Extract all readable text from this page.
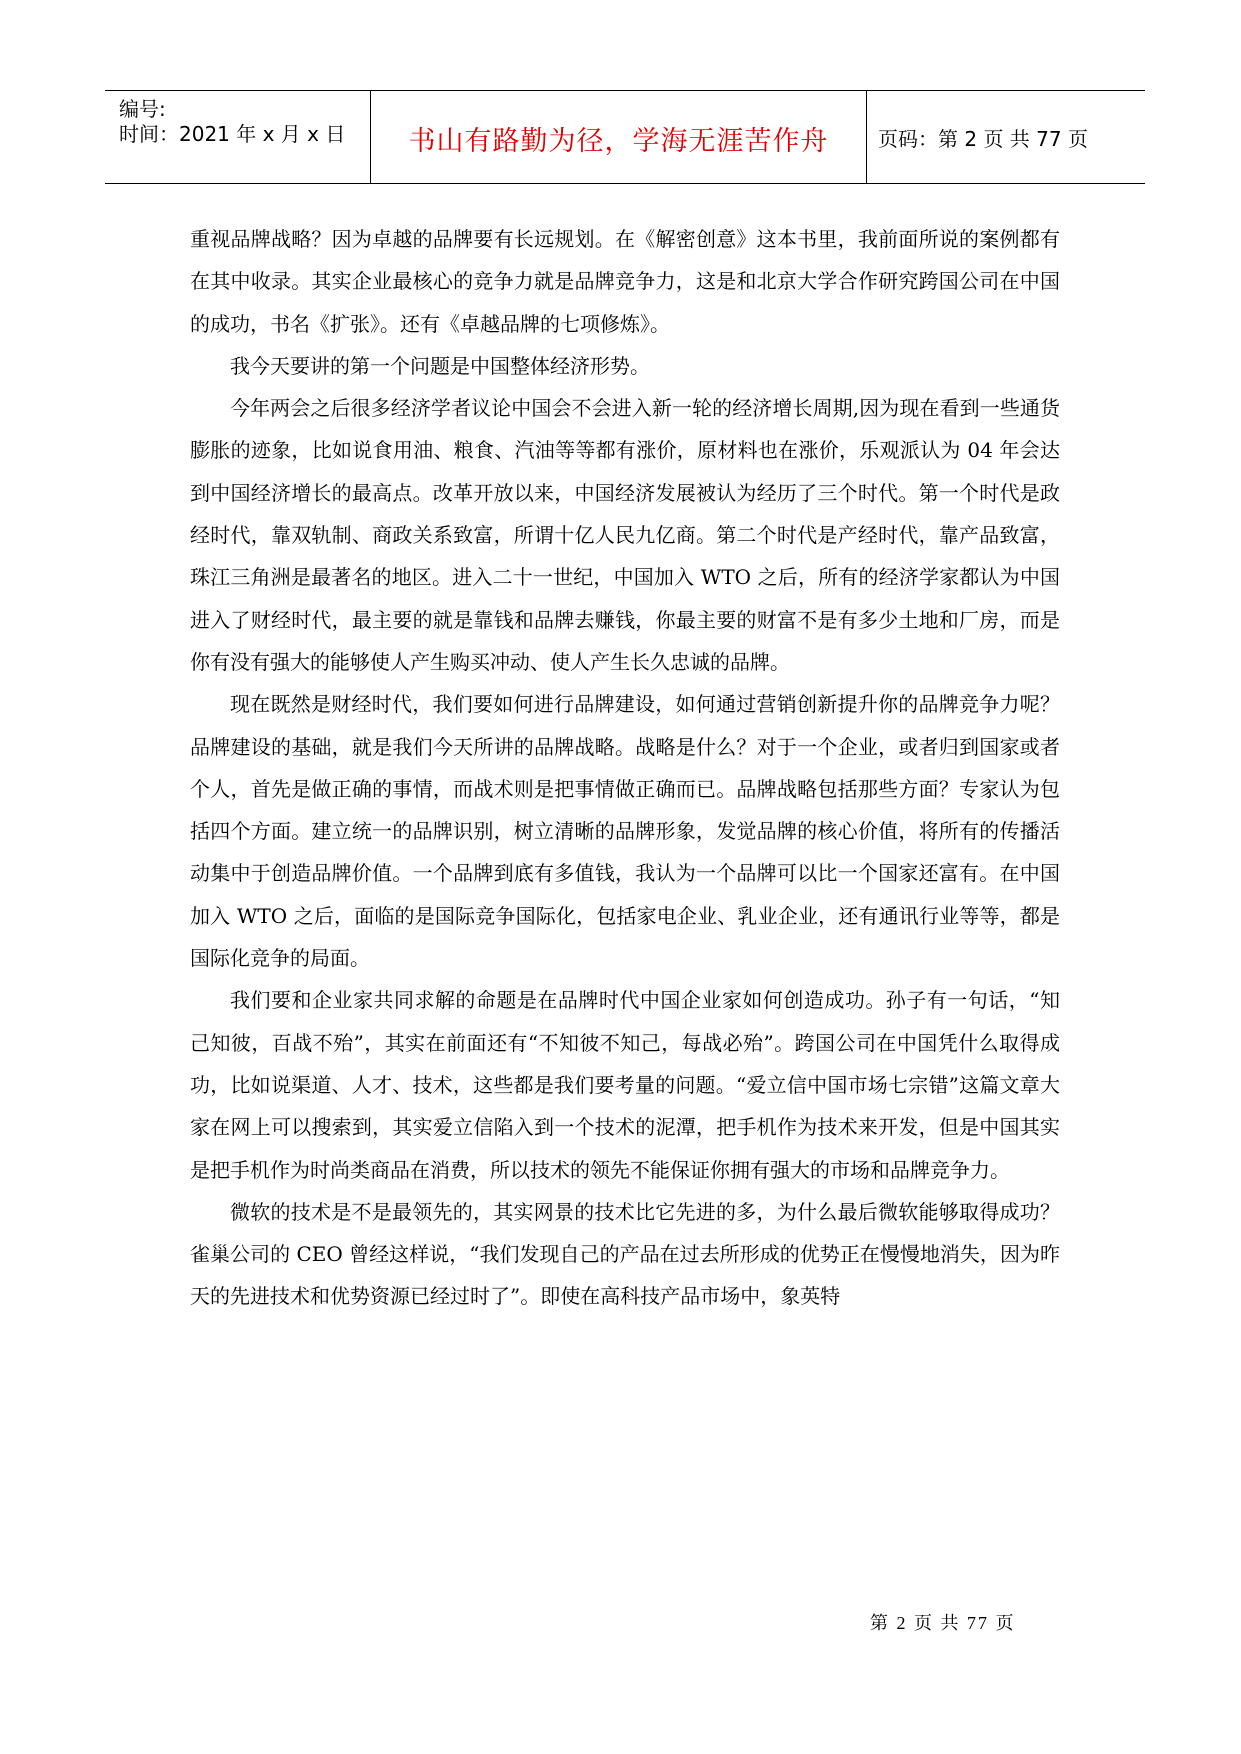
编号:
时间：2021 年 x 月 x 日	书山有路勤为径，学海无涯苦作舟	页码：第 2 页 共 77 页

重视品牌战略？因为卓越的品牌要有长远规划。在《解密创意》这本书里，我前面所说的案例都有在其中收录。其实企业最核心的竞争力就是品牌竞争力，这是和北京大学合作研究跨国公司在中国的成功，书名《扩张》。还有《卓越品牌的七项修炼》。

我今天要讲的第一个问题是中国整体经济形势。

今年两会之后很多经济学者议论中国会不会进入新一轮的经济增长周期,因为现在看到一些通货膨胀的迹象，比如说食用油、粮食、汽油等等都有涨价，原材料也在涨价，乐观派认为 04 年会达到中国经济增长的最高点。改革开放以来，中国经济发展被认为经历了三个时代。第一个时代是政经时代，靠双轨制、商政关系致富，所谓十亿人民九亿商。第二个时代是产经时代，靠产品致富，珠江三角洲是最著名的地区。进入二十一世纪，中国加入 WTO 之后，所有的经济学家都认为中国进入了财经时代，最主要的就是靠钱和品牌去赚钱，你最主要的财富不是有多少土地和厂房，而是你有没有强大的能够使人产生购买冲动、使人产生长久忠诚的品牌。

现在既然是财经时代，我们要如何进行品牌建设，如何通过营销创新提升你的品牌竞争力呢？品牌建设的基础，就是我们今天所讲的品牌战略。战略是什么？对于一个企业，或者归到国家或者个人，首先是做正确的事情，而战术则是把事情做正确而已。品牌战略包括那些方面？专家认为包括四个方面。建立统一的品牌识别，树立清晰的品牌形象，发觉品牌的核心价值，将所有的传播活动集中于创造品牌价值。一个品牌到底有多值钱，我认为一个品牌可以比一个国家还富有。在中国加入 WTO 之后，面临的是国际竞争国际化，包括家电企业、乳业企业，还有通讯行业等等，都是国际化竞争的局面。

我们要和企业家共同求解的命题是在品牌时代中国企业家如何创造成功。孙子有一句话，“知己知彼，百战不殆”，其实在前面还有“不知彼不知己，每战必殆”。跨国公司在中国凭什么取得成功，比如说渠道、人才、技术，这些都是我们要考量的问题。“爱立信中国市场七宗错”这篇文章大家在网上可以搜索到，其实爱立信陷入到一个技术的泥潭，把手机作为技术来开发，但是中国其实是把手机作为时尚类商品在消费，所以技术的领先不能保证你拥有强大的市场和品牌竞争力。

微软的技术是不是最领先的，其实网景的技术比它先进的多，为什么最后微软能够取得成功？雀巢公司的 CEO 曾经这样说，“我们发现自己的产品在过去所形成的优势正在慢慢地消失，因为昨天的先进技术和优势资源已经过时了”。即使在高科技产品市场中，象英特

第 2 页 共 77 页
